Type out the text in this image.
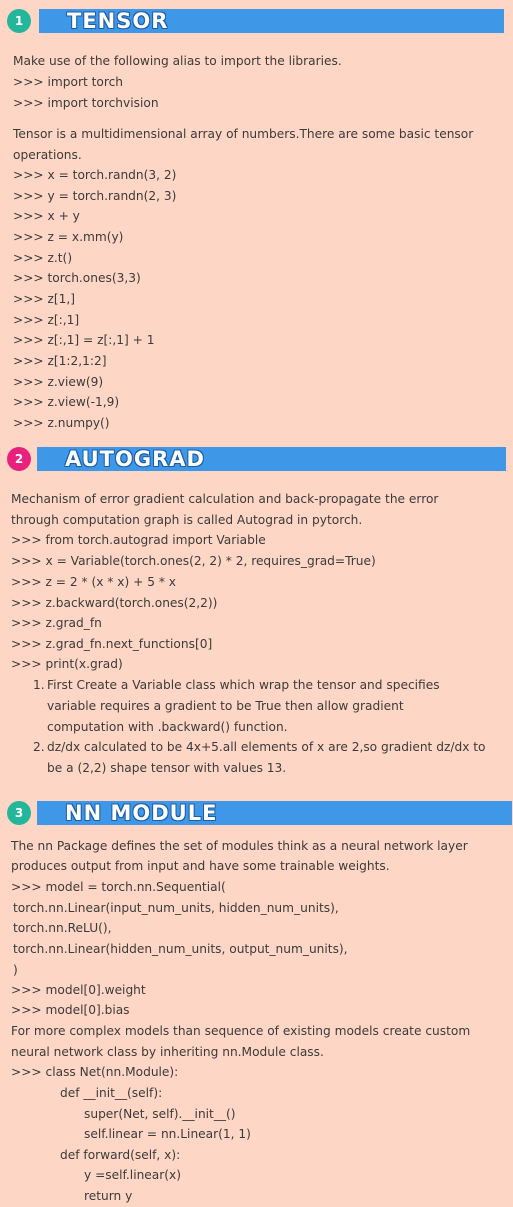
1	TENSOR
2	AUTOGRAD
3	NN MODULE
Make use of the following alias to import the libraries.
>>> import torch
>>> import torchvision
Tensor is a multidimensional array of numbers.There are some basic tensor
operations.
>>> x = torch.randn(3, 2)
>>> y = torch.randn(2, 3)
>>> x + y
>>> z = x.mm(y)
>>> z.t()
>>> torch.ones(3,3)
>>> z[1,]
>>> z[:,1]
>>> z[:,1] = z[:,1] + 1
>>> z[1:2,1:2]
>>> z.view(9)
>>> z.view(-1,9)
>>> z.numpy()
Mechanism of error gradient calculation and back-propagate the error
through computation graph is called Autograd in pytorch.
>>> from torch.autograd import Variable
>>> x = Variable(torch.ones(2, 2) * 2, requires_grad=True)
>>> z = 2 * (x * x) + 5 * x
>>> z.backward(torch.ones(2,2))
>>> z.grad_fn
>>> z.grad_fn.next_functions[0]
>>> print(x.grad)
1. First Create a Variable class which wrap the tensor and specifies
variable requires a gradient to be True then allow gradient
computation with .backward() function.
2. dz/dx calculated to be 4x+5.all elements of x are 2,so gradient dz/dx to
be a (2,2) shape tensor with values 13.
The nn Package defines the set of modules think as a neural network layer
produces output from input and have some trainable weights.
>>> model = torch.nn.Sequential(
torch.nn.Linear(input_num_units, hidden_num_units),
torch.nn.ReLU(),
torch.nn.Linear(hidden_num_units, output_num_units),
)
>>> model[0].weight
>>> model[0].bias
For more complex models than sequence of existing models create custom
neural network class by inheriting nn.Module class.
>>> class Net(nn.Module):
def __init__(self):
super(Net, self).__init__()
self.linear = nn.Linear(1, 1)
def forward(self, x):
y =self.linear(x)
return y
